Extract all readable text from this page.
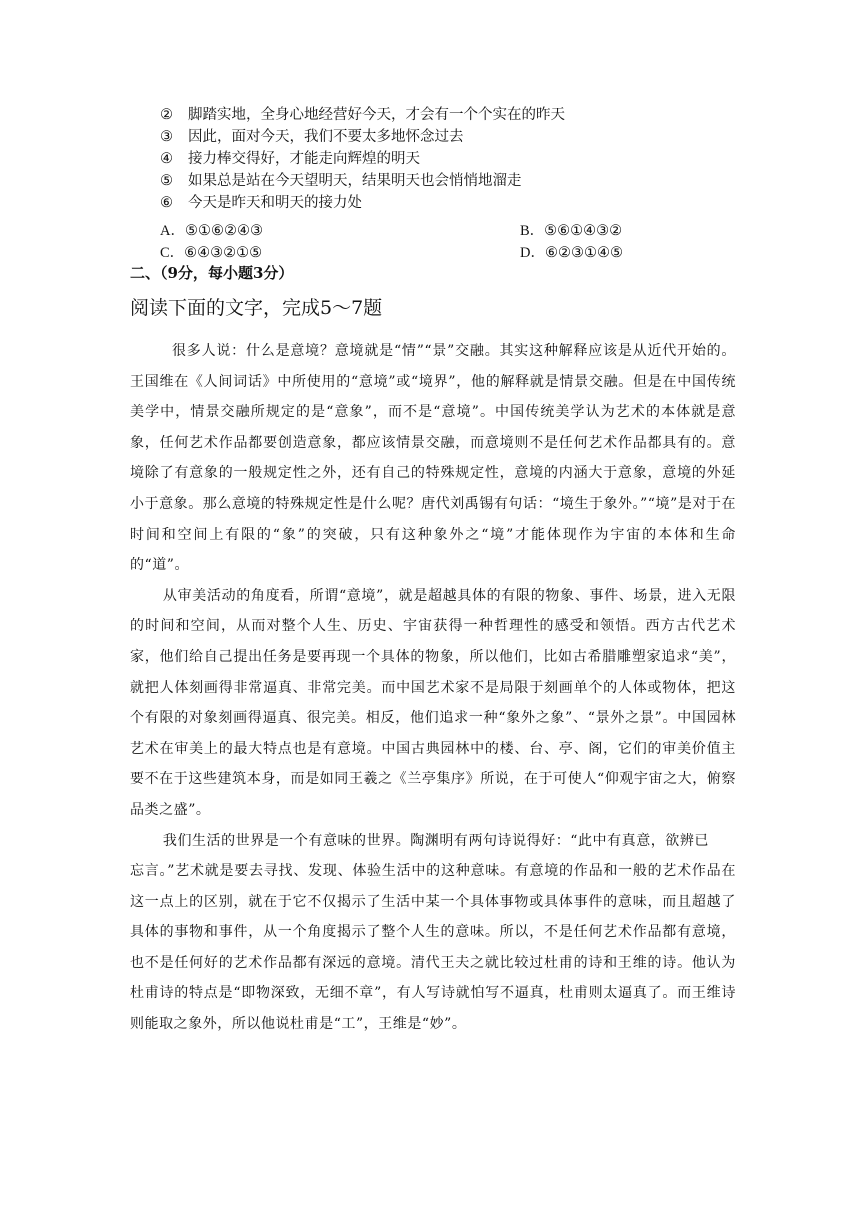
② 脚踏实地，全身心地经营好今天，才会有一个个实在的昨天
③ 因此，面对今天，我们不要太多地怀念过去
④ 接力棒交得好，才能走向辉煌的明天
⑤ 如果总是站在今天望明天，结果明天也会悄悄地溜走
⑥ 今天是昨天和明天的接力处
A．⑤①⑥②④③	B．⑤⑥①④③②
C．⑥④③②①⑤	D．⑥②③①④⑤
二、（9分，每小题3分）
阅读下面的文字，完成5～7题

很多人说：什么是意境？意境就是“情”“景”交融。其实这种解释应该是从近代开始的。王国维在《人间词话》中所使用的“意境”或“境界”，他的解释就是情景交融。但是在中国传统美学中，情景交融所规定的是“意象”，而不是“意境”。中国传统美学认为艺术的本体就是意象，任何艺术作品都要创造意象，都应该情景交融，而意境则不是任何艺术作品都具有的。意境除了有意象的一般规定性之外，还有自己的特殊规定性，意境的内涵大于意象，意境的外延小于意象。那么意境的特殊规定性是什么呢？唐代刘禹锡有句话：“境生于象外。”“境”是对于在时间和空间上有限的“象”的突破，只有这种象外之“境”才能体现作为宇宙的本体和生命的“道”。

从审美活动的角度看，所谓“意境”，就是超越具体的有限的物象、事件、场景，进入无限的时间和空间，从而对整个人生、历史、宇宙获得一种哲理性的感受和领悟。西方古代艺术家，他们给自己提出任务是要再现一个具体的物象，所以他们，比如古希腊雕塑家追求“美”，就把人体刻画得非常逼真、非常完美。而中国艺术家不是局限于刻画单个的人体或物体，把这个有限的对象刻画得逼真、很完美。相反，他们追求一种“象外之象”、“景外之景”。中国园林艺术在审美上的最大特点也是有意境。中国古典园林中的楼、台、亭、阁，它们的审美价值主要不在于这些建筑本身，而是如同王羲之《兰亭集序》所说，在于可使人“仰观宇宙之大，俯察品类之盛”。

我们生活的世界是一个有意味的世界。陶渊明有两句诗说得好：“此中有真意，欲辨已

忘言。”艺术就是要去寻找、发现、体验生活中的这种意味。有意境的作品和一般的艺术作品在这一点上的区别，就在于它不仅揭示了生活中某一个具体事物或具体事件的意味，而且超越了具体的事物和事件，从一个角度揭示了整个人生的意味。所以，不是任何艺术作品都有意境，也不是任何好的艺术作品都有深远的意境。清代王夫之就比较过杜甫的诗和王维的诗。他认为杜甫诗的特点是“即物深致，无细不章”，有人写诗就怕写不逼真，杜甫则太逼真了。而王维诗则能取之象外，所以他说杜甫是“工”，王维是“妙”。
